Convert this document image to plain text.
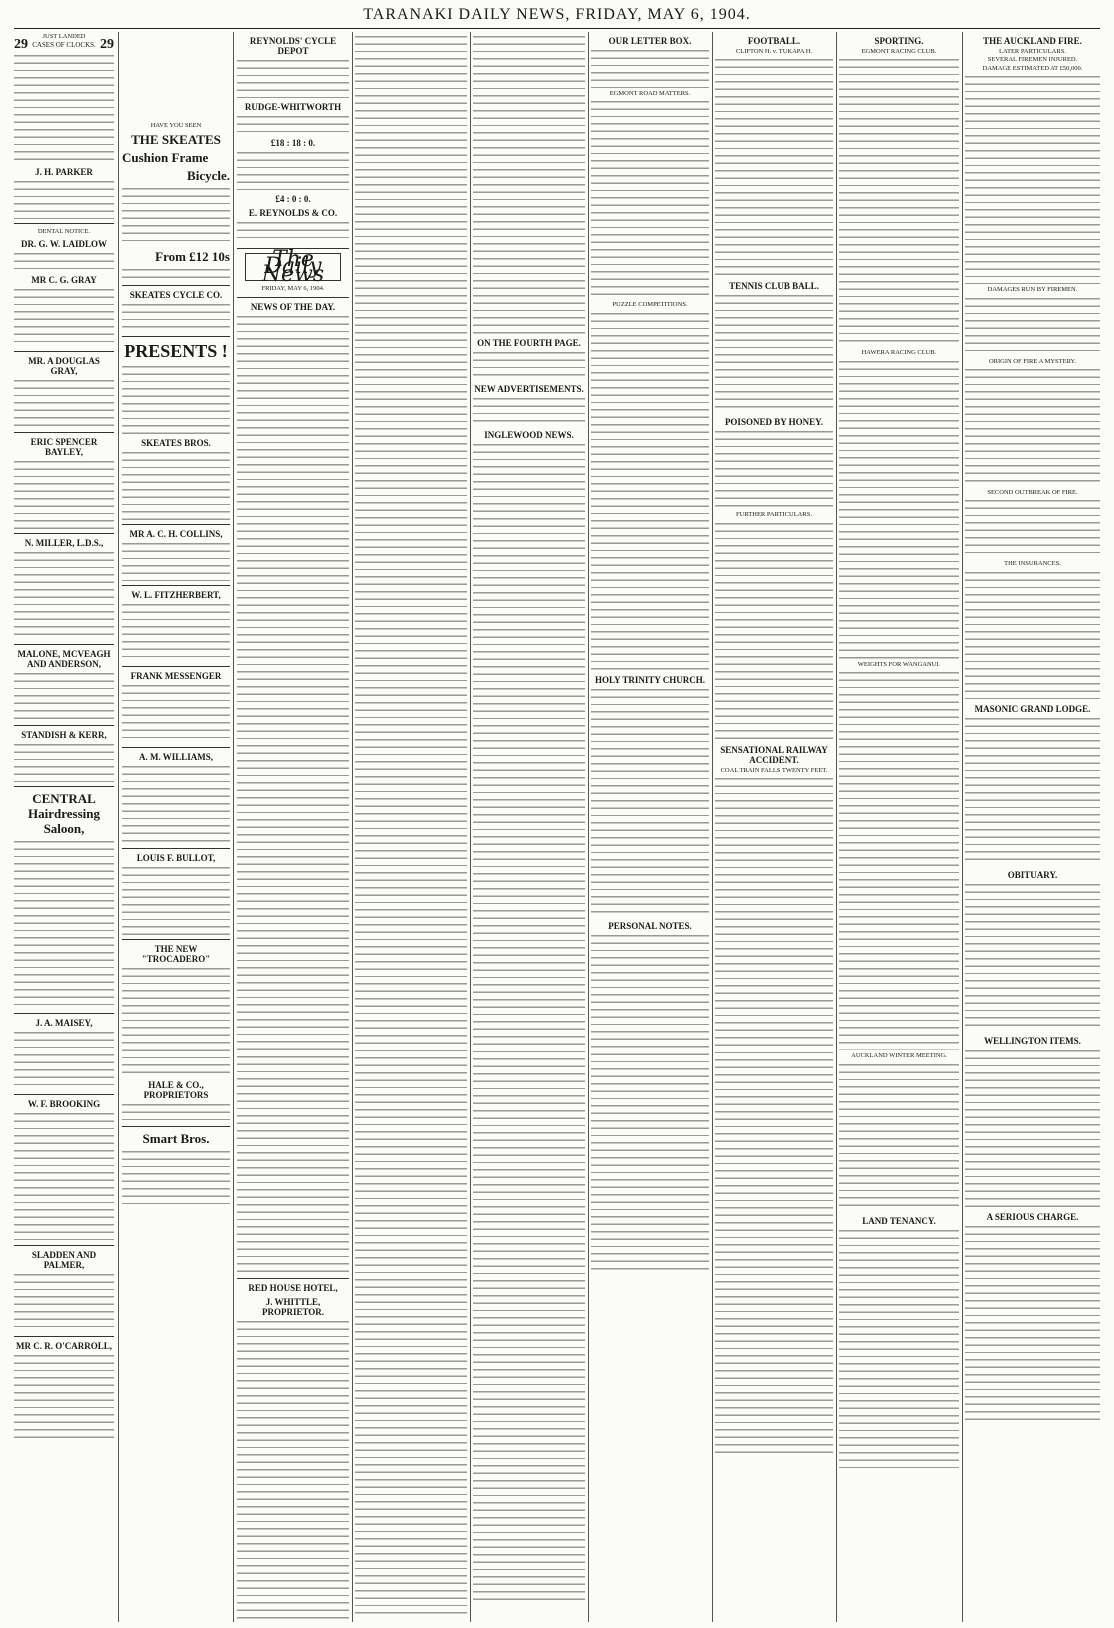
TARANAKI DAILY NEWS, FRIDAY, MAY 6, 1904.
JUST LANDED
29 CASES OF CLOCKS. 29
J. H. PARKER
DENTAL NOTICE.
DR. G. W. LAIDLOW
MR C. G. GRAY
MR. A DOUGLAS GRAY,
ERIC SPENCER BAYLEY,
N. MILLER, L.D.S.,
MALONE, MCVEAGH AND ANDERSON,
STANDISH & KERR,
CENTRAL Hairdressing Saloon,
J. A. MAISEY,
W. F. BROOKING
SLADDEN AND PALMER,
MR C. R. O'CARROLL,
HAVE YOU SEEN
THE SKEATES
Cushion Frame
Bicycle.
From £12 10s
SKEATES CYCLE CO.
PRESENTS !
SKEATES BROS.
MR A. C. H. COLLINS,
W. L. FITZHERBERT,
FRANK MESSENGER
A. M. WILLIAMS,
LOUIS F. BULLOT,
THE NEW "TROCADERO"
HALE & CO., PROPRIETORS
Smart Bros.
REYNOLDS' CYCLE DEPOT
RUDGE-WHITWORTH
£18 : 18 : 0.
£4 : 0 : 0.
E. REYNOLDS & CO.
The Daily News
FRIDAY, MAY 6, 1904.
NEWS OF THE DAY.
RED HOUSE HOTEL,
J. WHITTLE, PROPRIETOR.
ON THE FOURTH PAGE.
NEW ADVERTISEMENTS.
INGLEWOOD NEWS.
OUR LETTER BOX.
EGMONT ROAD MATTERS.
PUZZLE COMPETITIONS.
HOLY TRINITY CHURCH.
PERSONAL NOTES.
FOOTBALL.
CLIFTON H. v. TUKAPA H.
TENNIS CLUB BALL.
POISONED BY HONEY.
FURTHER PARTICULARS.
SENSATIONAL RAILWAY ACCIDENT.
COAL TRAIN FALLS TWENTY FEET.
SPORTING.
EGMONT RACING CLUB.
HAWERA RACING CLUB.
WEIGHTS FOR WANGANUI.
AUCKLAND WINTER MEETING.
LAND TENANCY.
THE AUCKLAND FIRE.
LATER PARTICULARS.
SEVERAL FIREMEN INJURED.
DAMAGE ESTIMATED AT £50,000.
DAMAGES RUN BY FIREMEN.
ORIGIN OF FIRE A MYSTERY.
SECOND OUTBREAK OF FIRE.
THE INSURANCES.
MASONIC GRAND LODGE.
OBITUARY.
WELLINGTON ITEMS.
A SERIOUS CHARGE.
